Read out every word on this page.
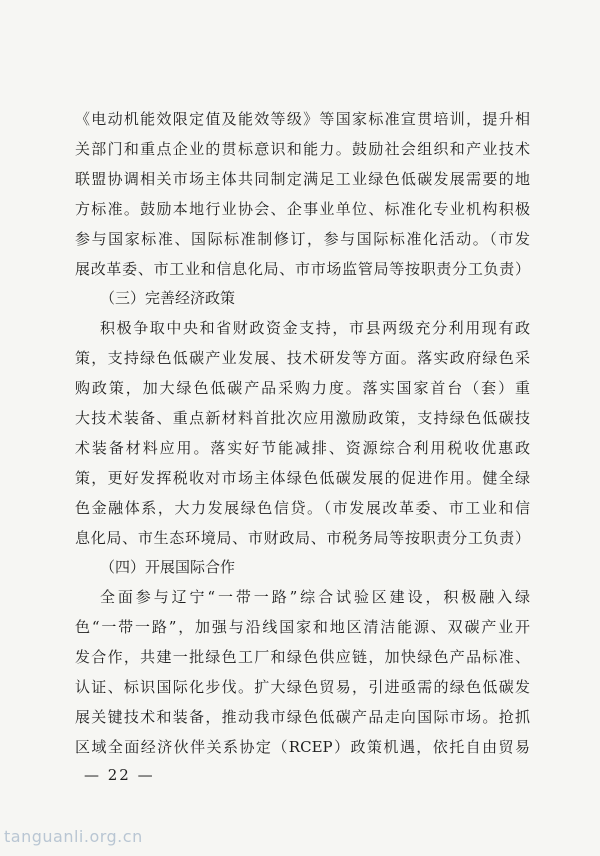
《电动机能效限定值及能效等级》等国家标准宣贯培训，提升相
关部门和重点企业的贯标意识和能力。鼓励社会组织和产业技术
联盟协调相关市场主体共同制定满足工业绿色低碳发展需要的地
方标准。鼓励本地行业协会、企事业单位、标准化专业机构积极
参与国家标准、国际标准制修订，参与国际标准化活动。（市发
展改革委、市工业和信息化局、市市场监管局等按职责分工负责）
（三）完善经济政策
积极争取中央和省财政资金支持，市县两级充分利用现有政
策，支持绿色低碳产业发展、技术研发等方面。落实政府绿色采
购政策，加大绿色低碳产品采购力度。落实国家首台（套）重
大技术装备、重点新材料首批次应用激励政策，支持绿色低碳技
术装备材料应用。落实好节能减排、资源综合利用税收优惠政
策，更好发挥税收对市场主体绿色低碳发展的促进作用。健全绿
色金融体系，大力发展绿色信贷。（市发展改革委、市工业和信
息化局、市生态环境局、市财政局、市税务局等按职责分工负责）
（四）开展国际合作
全面参与辽宁“一带一路”综合试验区建设，积极融入绿
色“一带一路”，加强与沿线国家和地区清洁能源、双碳产业开
发合作，共建一批绿色工厂和绿色供应链，加快绿色产品标准、
认证、标识国际化步伐。扩大绿色贸易，引进亟需的绿色低碳发
展关键技术和装备，推动我市绿色低碳产品走向国际市场。抢抓
区域全面经济伙伴关系协定（RCEP）政策机遇，依托自由贸易
— 22 —
tanguanli.org.cn
